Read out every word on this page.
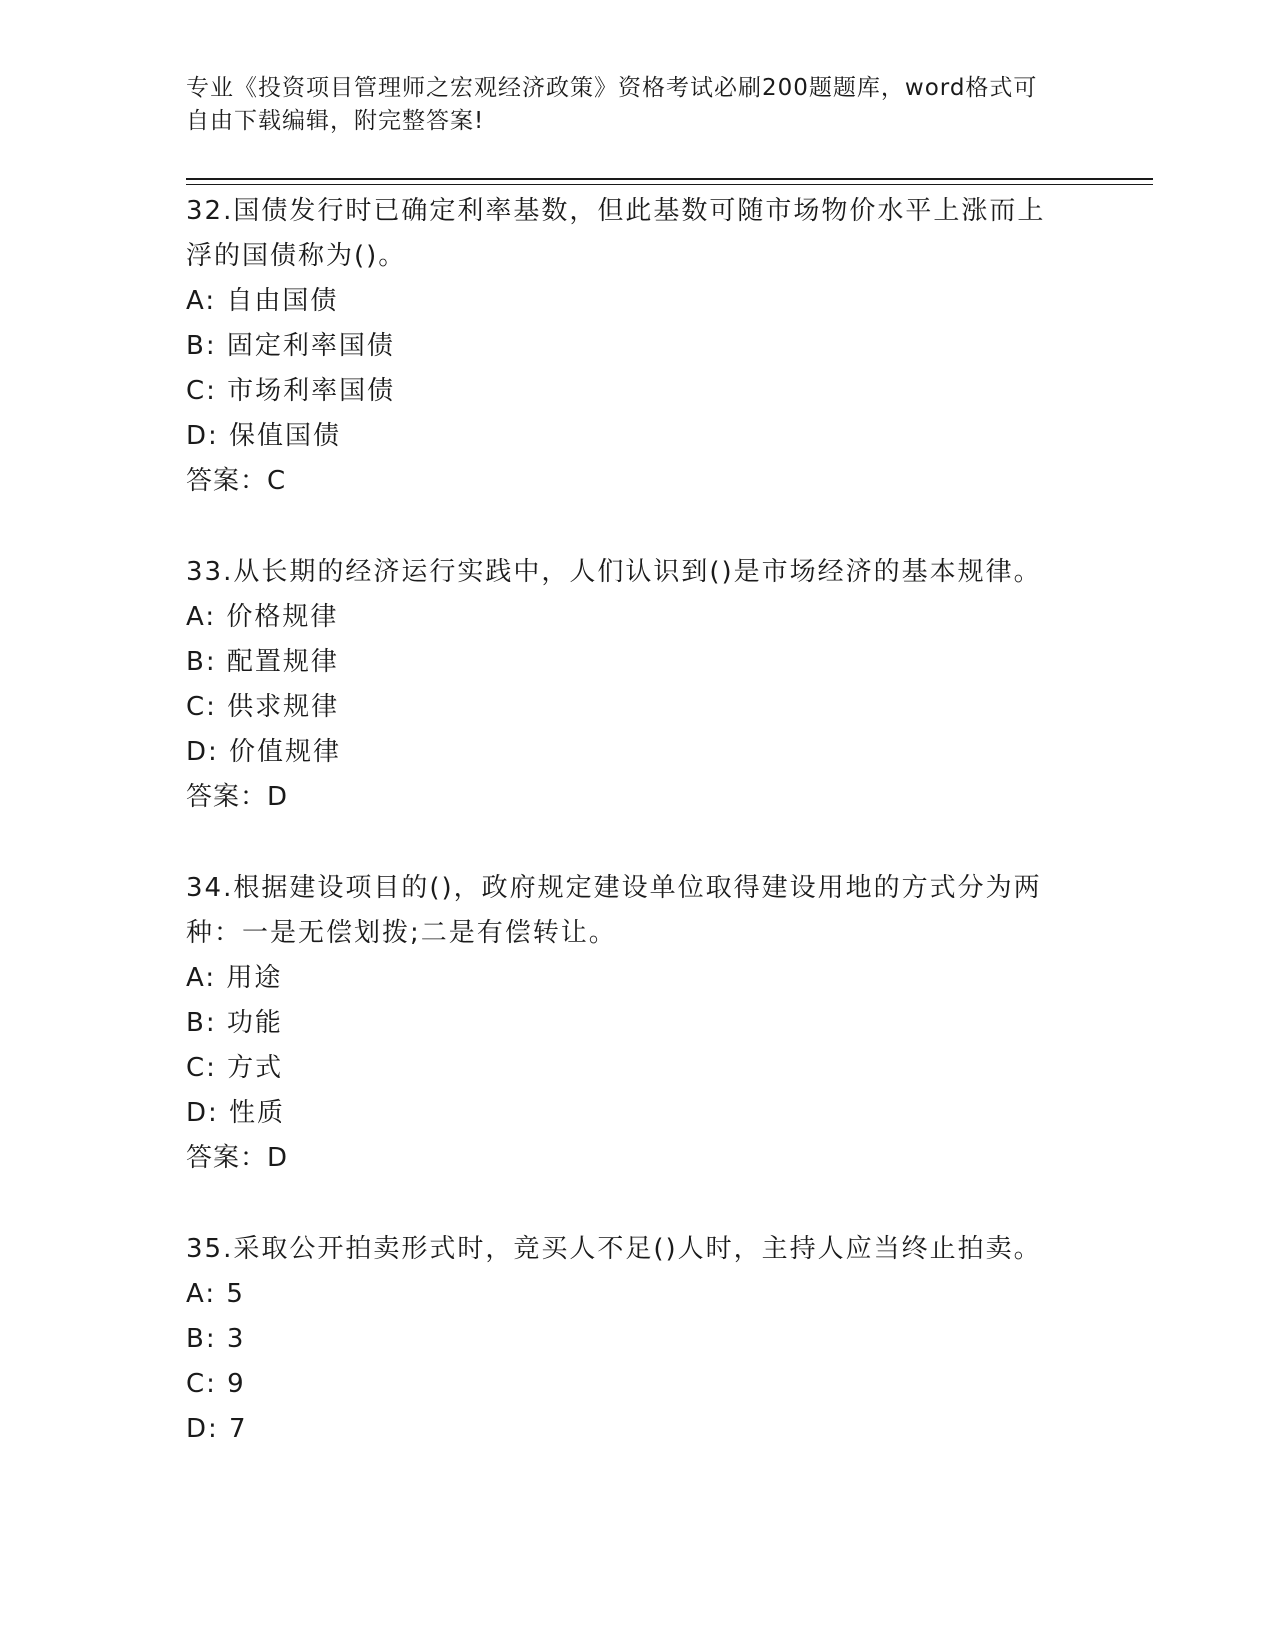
专业《投资项目管理师之宏观经济政策》资格考试必刷200题题库，word格式可
自由下载编辑，附完整答案!

32.国债发行时已确定利率基数，但此基数可随市场物价水平上涨而上

浮的国债称为()。

A: 自由国债

B: 固定利率国债

C: 市场利率国债

D: 保值国债

答案：C

33.从长期的经济运行实践中，人们认识到()是市场经济的基本规律。

A: 价格规律

B: 配置规律

C: 供求规律

D: 价值规律

答案：D

34.根据建设项目的()，政府规定建设单位取得建设用地的方式分为两

种：一是无偿划拨;二是有偿转让。

A: 用途

B: 功能

C: 方式

D: 性质

答案：D

35.采取公开拍卖形式时，竞买人不足()人时，主持人应当终止拍卖。

A: 5

B: 3

C: 9

D: 7
